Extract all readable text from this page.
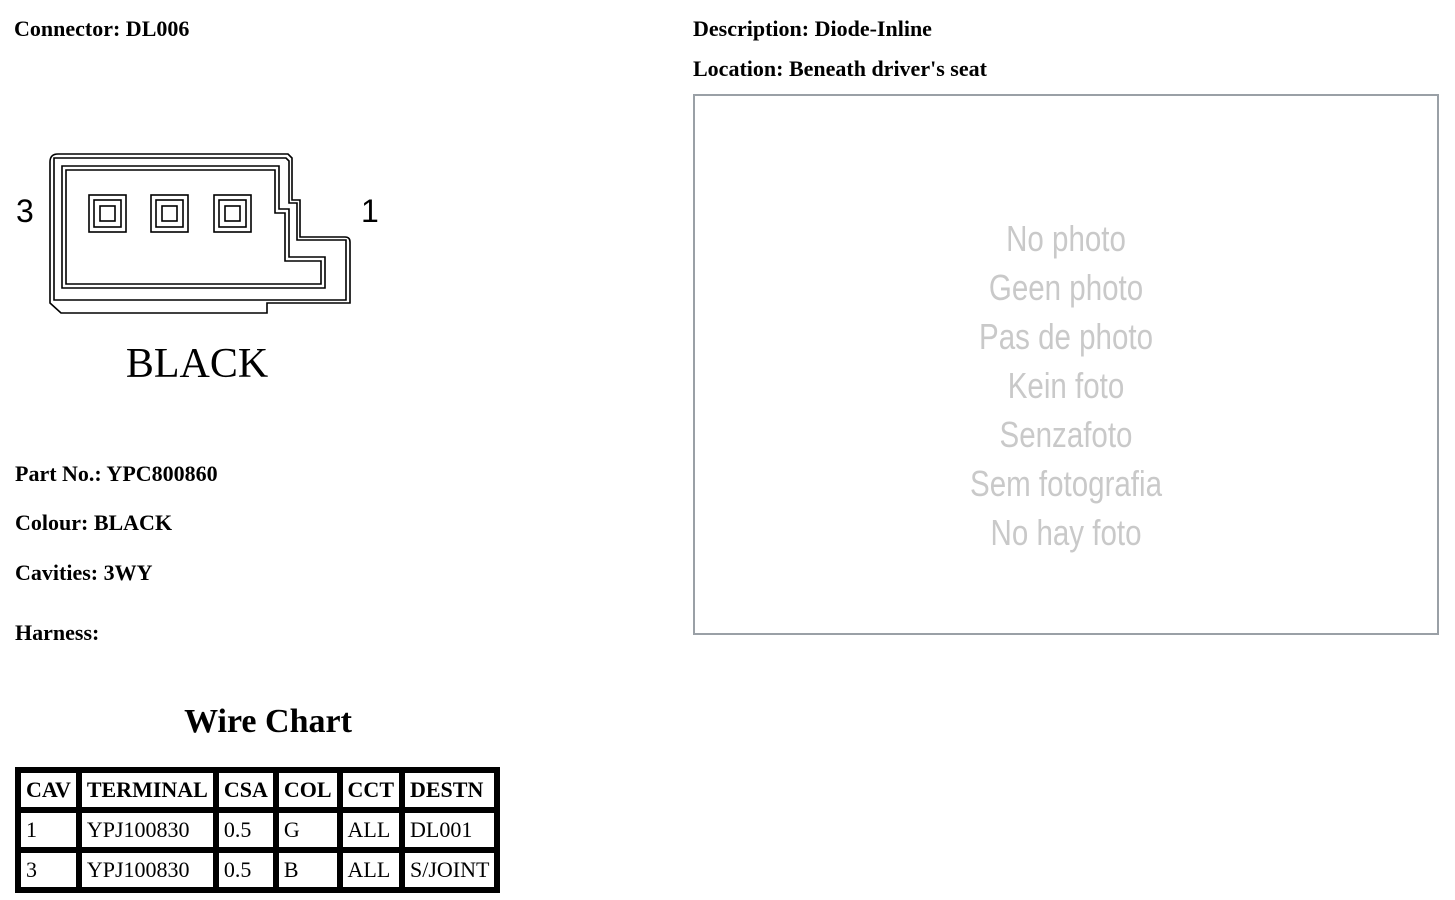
Connector: DL006	Description: Diode-Inline
Location: Beneath driver's seat
3	1
BLACK
Part No.: YPC800860
Colour: BLACK
Cavities: 3WY
Harness:
No photo
Geen photo
Pas de photo
Kein foto
Senzafoto
Sem fotografia
No hay foto
Wire Chart
CAV	TERMINAL	CSA	COL	CCT	DESTN
1	YPJ100830	0.5	G	ALL	DL001
3	YPJ100830	0.5	B	ALL	S/JOINT
